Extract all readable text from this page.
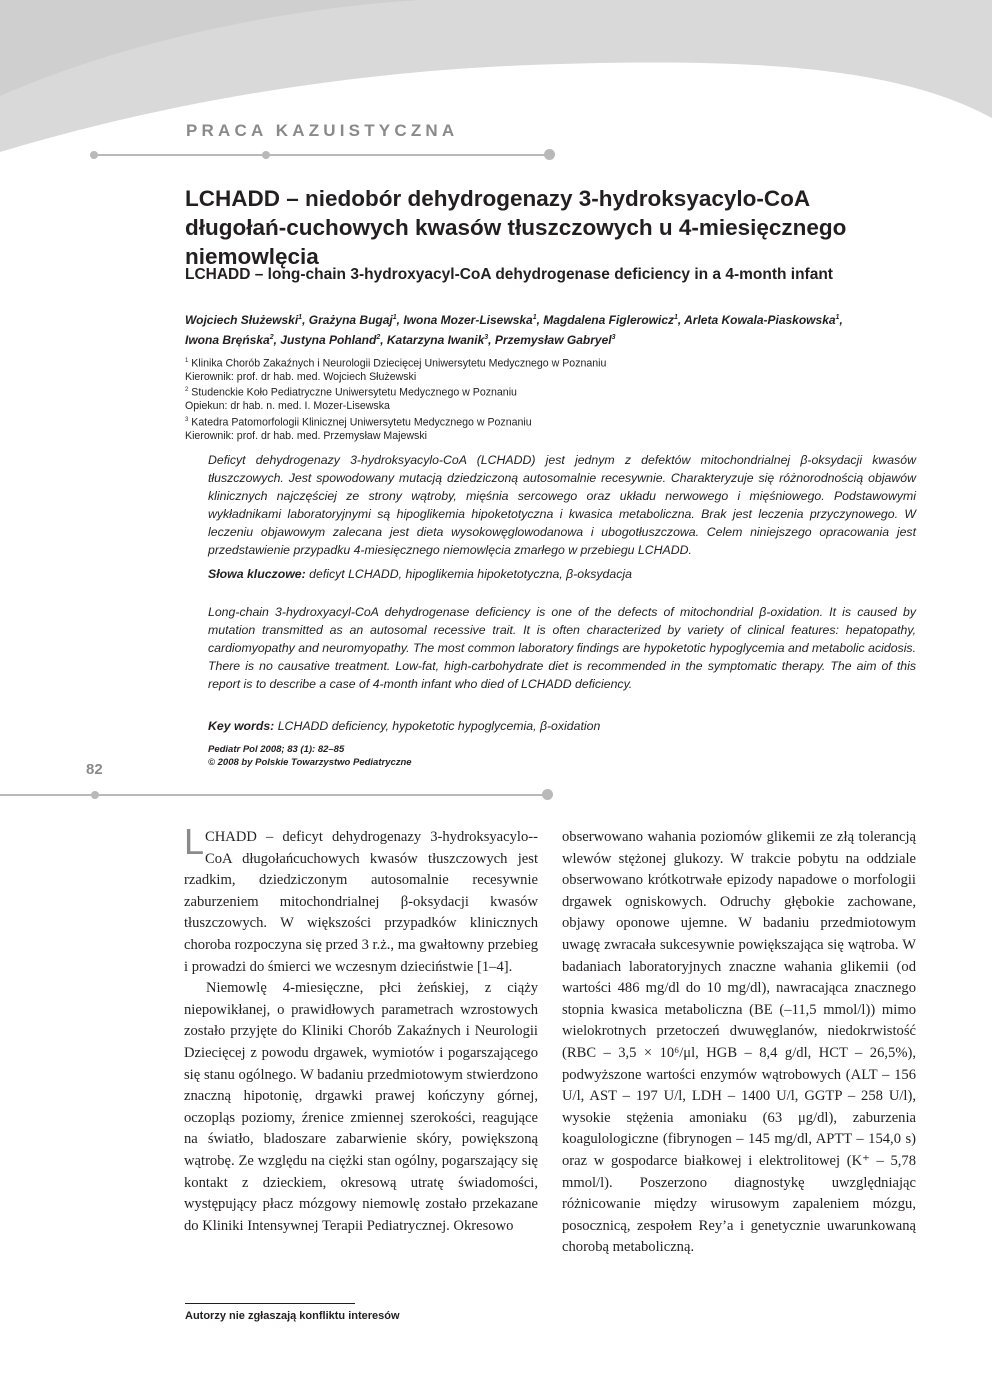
PRACA KAZUISTYCZNA
LCHADD – niedobór dehydrogenazy 3-hydroksyacylo-CoA długołań-cuchowych kwasów tłuszczowych u 4-miesięcznego niemowlęcia
LCHADD – long-chain 3-hydroxyacyl-CoA dehydrogenase deficiency in a 4-month infant
Wojciech Służewski$^1$, Grażyna Bugaj$^1$, Iwona Mozer-Lisewska$^1$, Magdalena Figlerowicz$^1$, Arleta Kowala-Piaskowska$^1$,
Iwona Bręńska$^2$, Justyna Pohland$^2$, Katarzyna Iwanik$^3$, Przemysław Gabryel$^3$
$^1$ Klinika Chorób Zakaźnych i Neurologii Dziecięcej Uniwersytetu Medycznego w Poznaniu
Kierownik: prof. dr hab. med. Wojciech Służewski
$^2$ Studenckie Koło Pediatryczne Uniwersytetu Medycznego w Poznaniu
Opiekun: dr hab. n. med. I. Mozer-Lisewska
$^3$ Katedra Patomorfologii Klinicznej Uniwersytetu Medycznego w Poznaniu
Kierownik: prof. dr hab. med. Przemysław Majewski
Deficyt dehydrogenazy 3-hydroksyacylo-CoA (LCHADD) jest jednym z defektów mitochondrialnej β-oksydacji kwasów tłuszczowych. Jest spowodowany mutacją dziedziczoną autosomalnie recesywnie. Charakteryzuje się różnorodnością objawów klinicznych najczęściej ze strony wątroby, mięśnia sercowego oraz układu nerwowego i mięśniowego. Podstawowymi wykładnikami laboratoryjnymi są hipoglikemia hipoketotyczna i kwasica metaboliczna. Brak jest leczenia przyczynowego. W leczeniu objawowym zalecana jest dieta wysokowęglowodanowa i ubogotłuszczowa. Celem niniejszego opracowania jest przedstawienie przypadku 4-miesięcznego niemowlęcia zmarłego w przebiegu LCHADD.
Słowa kluczowe: deficyt LCHADD, hipoglikemia hipoketotyczna, β-oksydacja
Long-chain 3-hydroxyacyl-CoA dehydrogenase deficiency is one of the defects of mitochondrial β-oxidation. It is caused by mutation transmitted as an autosomal recessive trait. It is often characterized by variety of clinical features: hepatopathy, cardiomyopathy and neuromyopathy. The most common laboratory findings are hypoketotic hypoglycemia and metabolic acidosis. There is no causative treatment. Low-fat, high-carbohydrate diet is recommended in the symptomatic therapy. The aim of this report is to describe a case of 4-month infant who died of LCHADD deficiency.
Key words: LCHADD deficiency, hypoketotic hypoglycemia, β-oxidation
Pediatr Pol 2008; 83 (1): 82–85
© 2008 by Polskie Towarzystwo Pediatryczne
82

LCHADD – deficyt dehydrogenazy 3-hydroksyacylo--CoA długołańcuchowych kwasów tłuszczowych jest rzadkim, dziedziczonym autosomalnie recesywnie zaburzeniem mitochondrialnej β-oksydacji kwasów tłuszczowych. W większości przypadków klinicznych choroba rozpoczyna się przed 3 r.ż., ma gwałtowny przebieg i prowadzi do śmierci we wczesnym dzieciństwie [1–4].

Niemowlę 4-miesięczne, płci żeńskiej, z ciąży niepowikłanej, o prawidłowych parametrach wzrostowych zostało przyjęte do Kliniki Chorób Zakaźnych i Neurologii Dziecięcej z powodu drgawek, wymiotów i pogarszającego się stanu ogólnego. W badaniu przedmiotowym stwierdzono znaczną hipotonię, drgawki prawej kończyny górnej, oczopląs poziomy, źrenice zmiennej szerokości, reagujące na światło, bladoszare zabarwienie skóry, powiększoną wątrobę. Ze względu na ciężki stan ogólny, pogarszający się kontakt z dzieckiem, okresową utratę świadomości, występujący płacz mózgowy niemowlę zostało przekazane do Kliniki Intensywnej Terapii Pediatrycznej. Okresowo

obserwowano wahania poziomów glikemii ze złą tolerancją wlewów stężonej glukozy. W trakcie pobytu na oddziale obserwowano krótkotrwałe epizody napadowe o morfologii drgawek ogniskowych. Odruchy głębokie zachowane, objawy oponowe ujemne. W badaniu przedmiotowym uwagę zwracała sukcesywnie powiększająca się wątroba. W badaniach laboratoryjnych znaczne wahania glikemii (od wartości 486 mg/dl do 10 mg/dl), nawracająca znacznego stopnia kwasica metaboliczna (BE (–11,5 mmol/l)) mimo wielokrotnych przetoczeń dwuwęglanów, niedokrwistość (RBC – 3,5 × 10⁶/μl, HGB – 8,4 g/dl, HCT – 26,5%), podwyższone wartości enzymów wątrobowych (ALT – 156 U/l, AST – 197 U/l, LDH – 1400 U/l, GGTP – 258 U/l), wysokie stężenia amoniaku (63 μg/dl), zaburzenia koagulologiczne (fibrynogen – 145 mg/dl, APTT – 154,0 s) oraz w gospodarce białkowej i elektrolitowej (K⁺ – 5,78 mmol/l). Poszerzono diagnostykę uwzględniając różnicowanie między wirusowym zapaleniem mózgu, posocznicą, zespołem Rey’a i genetycznie uwarunkowaną chorobą metaboliczną.

Autorzy nie zgłaszają konfliktu interesów
